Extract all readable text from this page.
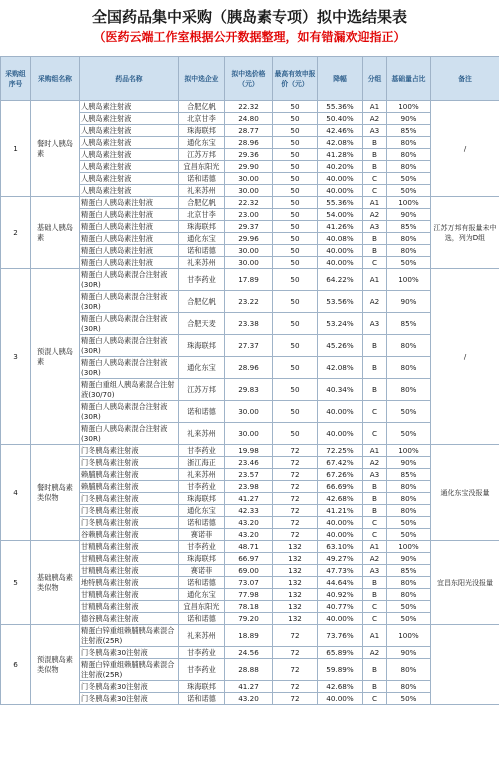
全国药品集中采购（胰岛素专项）拟中选结果表
（医药云端工作室根据公开数据整理，如有错漏欢迎指正）
采购组序号	采购组名称	药品名称	拟中选企业	拟中选价格（元）	最高有效申报价（元）	降幅	分组	基础量占比	备注
1	餐时人胰岛素	人胰岛素注射液	合肥亿帆	22.32	50	55.36%	A1	100%	/
		人胰岛素注射液	北京甘李	24.80	50	50.40%	A2	90%	
		人胰岛素注射液	珠海联邦	28.77	50	42.46%	A3	85%	
		人胰岛素注射液	通化东宝	28.96	50	42.08%	B	80%	
		人胰岛素注射液	江苏万邦	29.36	50	41.28%	B	80%	
		人胰岛素注射液	宜昌东阳光	29.90	50	40.20%	B	80%	
		人胰岛素注射液	诺和诺德	30.00	50	40.00%	C	50%	
		人胰岛素注射液	礼来苏州	30.00	50	40.00%	C	50%	
2	基础人胰岛素	精蛋白人胰岛素注射液	合肥亿帆	22.32	50	55.36%	A1	100%	江苏万邦有报量未中选，列为D组
		精蛋白人胰岛素注射液	北京甘李	23.00	50	54.00%	A2	90%	
		精蛋白人胰岛素注射液	珠海联邦	29.37	50	41.26%	A3	85%	
		精蛋白人胰岛素注射液	通化东宝	29.96	50	40.08%	B	80%	
		精蛋白人胰岛素注射液	诺和诺德	30.00	50	40.00%	B	80%	
		精蛋白人胰岛素注射液	礼来苏州	30.00	50	40.00%	C	50%	
3	预混人胰岛素	精蛋白人胰岛素混合注射液(30R)	甘李药业	17.89	50	64.22%	A1	100%	/
		精蛋白人胰岛素混合注射液(30R)	合肥亿帆	23.22	50	53.56%	A2	90%	
		精蛋白人胰岛素混合注射液(30R)	合肥天麦	23.38	50	53.24%	A3	85%	
		精蛋白人胰岛素混合注射液(30R)	珠海联邦	27.37	50	45.26%	B	80%	
		精蛋白人胰岛素混合注射液(30R)	通化东宝	28.96	50	42.08%	B	80%	
		精蛋白重组人胰岛素混合注射液(30/70)	江苏万邦	29.83	50	40.34%	B	80%	
		精蛋白人胰岛素混合注射液(30R)	诺和诺德	30.00	50	40.00%	C	50%	
		精蛋白人胰岛素混合注射液(30R)	礼来苏州	30.00	50	40.00%	C	50%	
4	餐时胰岛素类似物	门冬胰岛素注射液	甘李药业	19.98	72	72.25%	A1	100%	通化东宝没报量
		门冬胰岛素注射液	浙江海正	23.46	72	67.42%	A2	90%	
		赖脯胰岛素注射液	礼来苏州	23.57	72	67.26%	A3	85%	
		赖脯胰岛素注射液	甘李药业	23.98	72	66.69%	B	80%	
		门冬胰岛素注射液	珠海联邦	41.27	72	42.68%	B	80%	
		门冬胰岛素注射液	通化东宝	42.33	72	41.21%	B	80%	
		门冬胰岛素注射液	诺和诺德	43.20	72	40.00%	C	50%	
		谷赖胰岛素注射液	赛诺菲	43.20	72	40.00%	C	50%	
5	基础胰岛素类似物	甘精胰岛素注射液	甘李药业	48.71	132	63.10%	A1	100%	宜昌东阳光没报量
		甘精胰岛素注射液	珠海联邦	66.97	132	49.27%	A2	90%	
		甘精胰岛素注射液	赛诺菲	69.00	132	47.73%	A3	85%	
		地特胰岛素注射液	诺和诺德	73.07	132	44.64%	B	80%	
		甘精胰岛素注射液	通化东宝	77.98	132	40.92%	B	80%	
		甘精胰岛素注射液	宜昌东阳光	78.18	132	40.77%	C	50%	
		德谷胰岛素注射液	诺和诺德	79.20	132	40.00%	C	50%	
6	预混胰岛素类似物	精蛋白锌重组赖脯胰岛素混合注射液(25R)	礼来苏州	18.89	72	73.76%	A1	100%	
		门冬胰岛素30注射液	甘李药业	24.56	72	65.89%	A2	90%	
		精蛋白锌重组赖脯胰岛素混合注射液(25R)	甘李药业	28.88	72	59.89%	B	80%	
		门冬胰岛素30注射液	珠海联邦	41.27	72	42.68%	B	80%	
		门冬胰岛素30注射液	诺和诺德	43.20	72	40.00%	C	50%	
